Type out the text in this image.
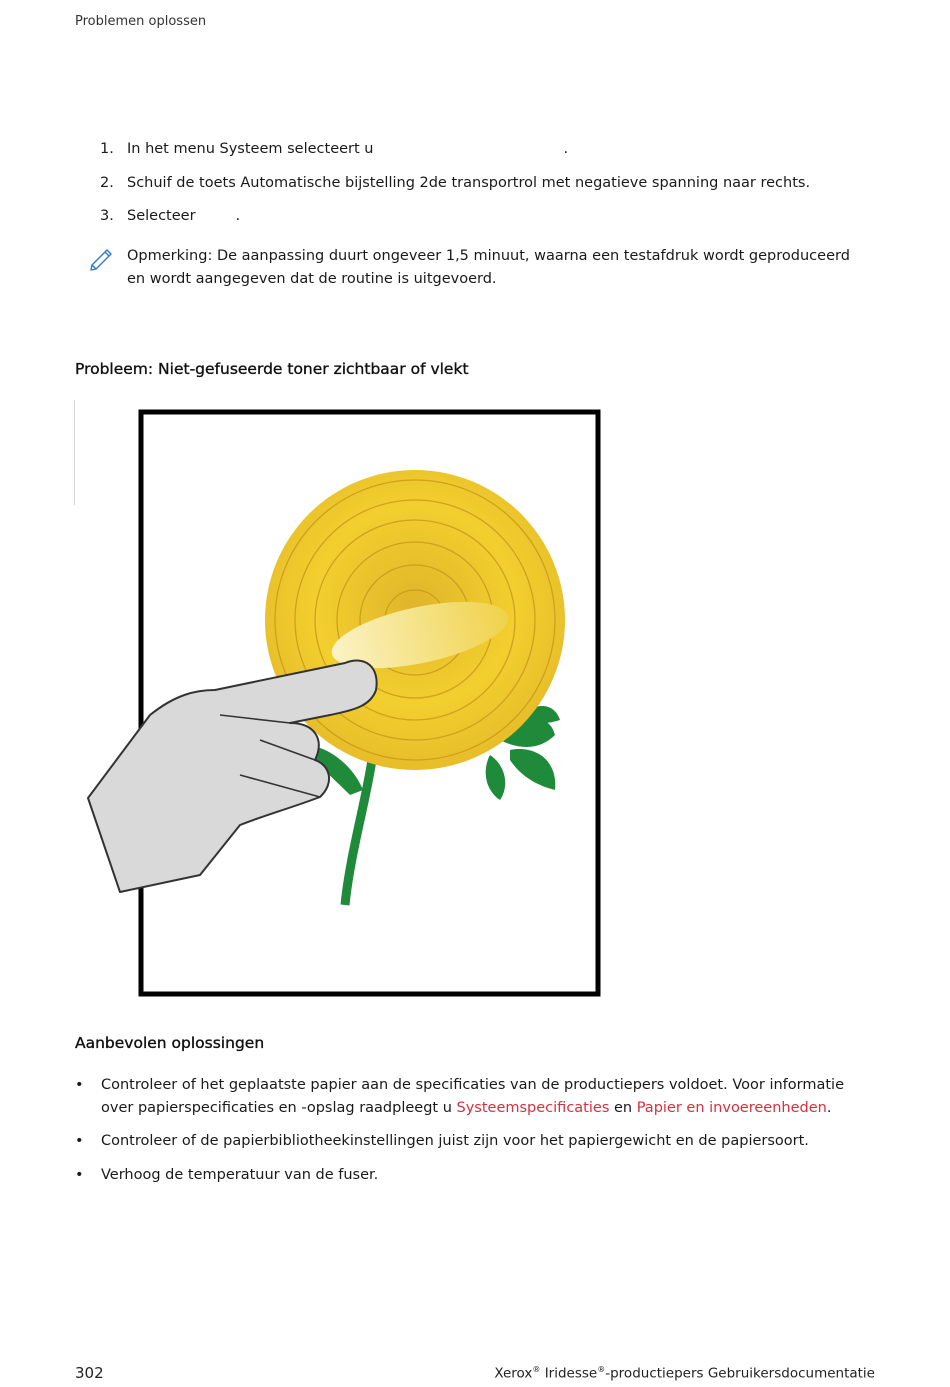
Problemen oplossen
1. In het menu Systeem selecteert u	.
2. Schuif de toets Automatische bijstelling 2de transportrol met negatieve spanning naar rechts.
3. Selecteer	.
Opmerking: De aanpassing duurt ongeveer 1,5 minuut, waarna een testafdruk wordt geproduceerd en wordt aangegeven dat de routine is uitgevoerd.
Probleem: Niet-gefuseerde toner zichtbaar of vlekt
Aanbevolen oplossingen
• Controleer of het geplaatste papier aan de specificaties van de productiepers voldoet. Voor informatie over papierspecificaties en -opslag raadpleegt u Systeemspecificaties en Papier en invoereenheden.
• Controleer of de papierbibliotheekinstellingen juist zijn voor het papiergewicht en de papiersoort.
• Verhoog de temperatuur van de fuser.
302	Xerox® Iridesse®-productiepers Gebruikersdocumentatie
